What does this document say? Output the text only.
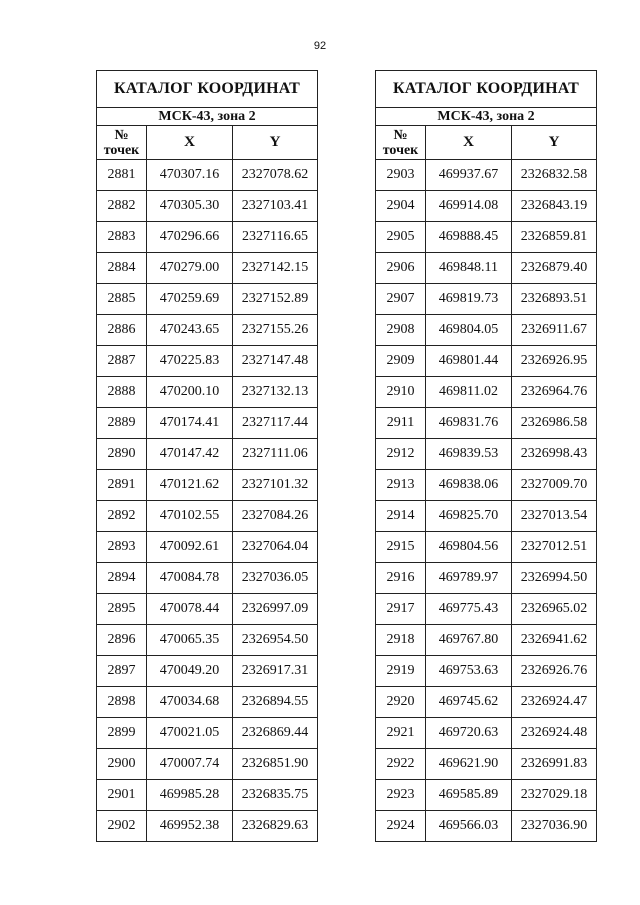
92
КАТАЛОГ КООРДИНАТ		
МСК-43, зона 2		
№ точек	X	Y
2881	470307.16	2327078.62
2882	470305.30	2327103.41
2883	470296.66	2327116.65
2884	470279.00	2327142.15
2885	470259.69	2327152.89
2886	470243.65	2327155.26
2887	470225.83	2327147.48
2888	470200.10	2327132.13
2889	470174.41	2327117.44
2890	470147.42	2327111.06
2891	470121.62	2327101.32
2892	470102.55	2327084.26
2893	470092.61	2327064.04
2894	470084.78	2327036.05
2895	470078.44	2326997.09
2896	470065.35	2326954.50
2897	470049.20	2326917.31
2898	470034.68	2326894.55
2899	470021.05	2326869.44
2900	470007.74	2326851.90
2901	469985.28	2326835.75
2902	469952.38	2326829.63
КАТАЛОГ КООРДИНАТ		
МСК-43, зона 2		
№ точек	X	Y
2903	469937.67	2326832.58
2904	469914.08	2326843.19
2905	469888.45	2326859.81
2906	469848.11	2326879.40
2907	469819.73	2326893.51
2908	469804.05	2326911.67
2909	469801.44	2326926.95
2910	469811.02	2326964.76
2911	469831.76	2326986.58
2912	469839.53	2326998.43
2913	469838.06	2327009.70
2914	469825.70	2327013.54
2915	469804.56	2327012.51
2916	469789.97	2326994.50
2917	469775.43	2326965.02
2918	469767.80	2326941.62
2919	469753.63	2326926.76
2920	469745.62	2326924.47
2921	469720.63	2326924.48
2922	469621.90	2326991.83
2923	469585.89	2327029.18
2924	469566.03	2327036.90
